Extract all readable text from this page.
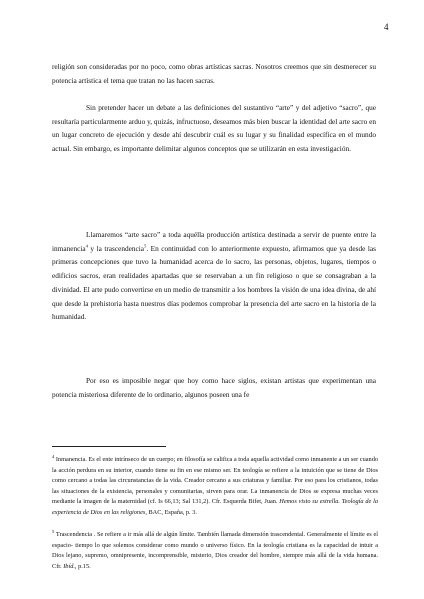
4

religión son consideradas por no poco, como obras artísticas sacras. Nosotros creemos que sin desmerecer su potencia artística el tema que tratan no las hacen sacras.

Sin pretender hacer un debate a las definiciones del sustantivo “arte” y del adjetivo “sacro”, que resultaría particularmente arduo y, quizás, infructuoso, deseamos más bien buscar la identidad del arte sacro en un lugar concreto de ejecución y desde ahí descubrir cuál es su lugar y su finalidad específica en el mundo actual. Sin embargo, es importante delimitar algunos conceptos que se utilizarán en esta investigación.

Llamaremos “arte sacro” a toda aquélla producción artística destinada a servir de puente entre la inmanencia$^4$ y la trascendencia$^5$. En continuidad con lo anteriormente expuesto, afirmamos que ya desde las primeras concepciones que tuvo la humanidad acerca de lo sacro, las personas, objetos, lugares, tiempos o edificios sacros, eran realidades apartadas que se reservaban a un fin religioso o que se consagraban a la divinidad. El arte pudo convertirse en un medio de transmitir a los hombres la visión de una idea divina, de ahí que desde la prehistoria hasta nuestros días podemos comprobar la presencia del arte sacro en la historia de la humanidad.

Por eso es imposible negar que hoy como hace siglos, existan artistas que experimentan una potencia misteriosa diferente de lo ordinario, algunos poseen una fe

$^4$ Inmanencia. Es el ente intrínseco de un cuerpo; en filosofía se califica a toda aquella actividad como inmanente a un ser cuando la acción perdura en su interior, cuando tiene su fin en ese mismo ser. En teología se refiere a la intuición que se tiene de Dios como cercano a todas las circunstancias de la vida. Creador cercano a sus criaturas y familiar. Por eso para los cristianos, todas las situaciones de la existencia, personales y comunitarias, sirven para orar. La inmanencia de Dios se expresa muchas veces mediante la imagen de la maternidad (cf. Is 66,13; Sal 131,2). Cfr. Esquerda Bifet, Juan. Hemos visto su estrella. Teología de la experiencia de Dios en las religiones, BAC, España, p. 3.

$^5$ Trascendencia . Se refiere a ir más allá de algún límite. También llamada dimensión trascendental. Generalmente el límite es el espacio- tiempo lo que solemos considerar como mundo o universo físico. En la teología cristiana es la capacidad de intuir a Dios lejano, supremo, omnipresente, incomprensible, misterio, Dios creador del hombre, siempre más allá de la vida humana. Cfr. Ibíd., p.15.
